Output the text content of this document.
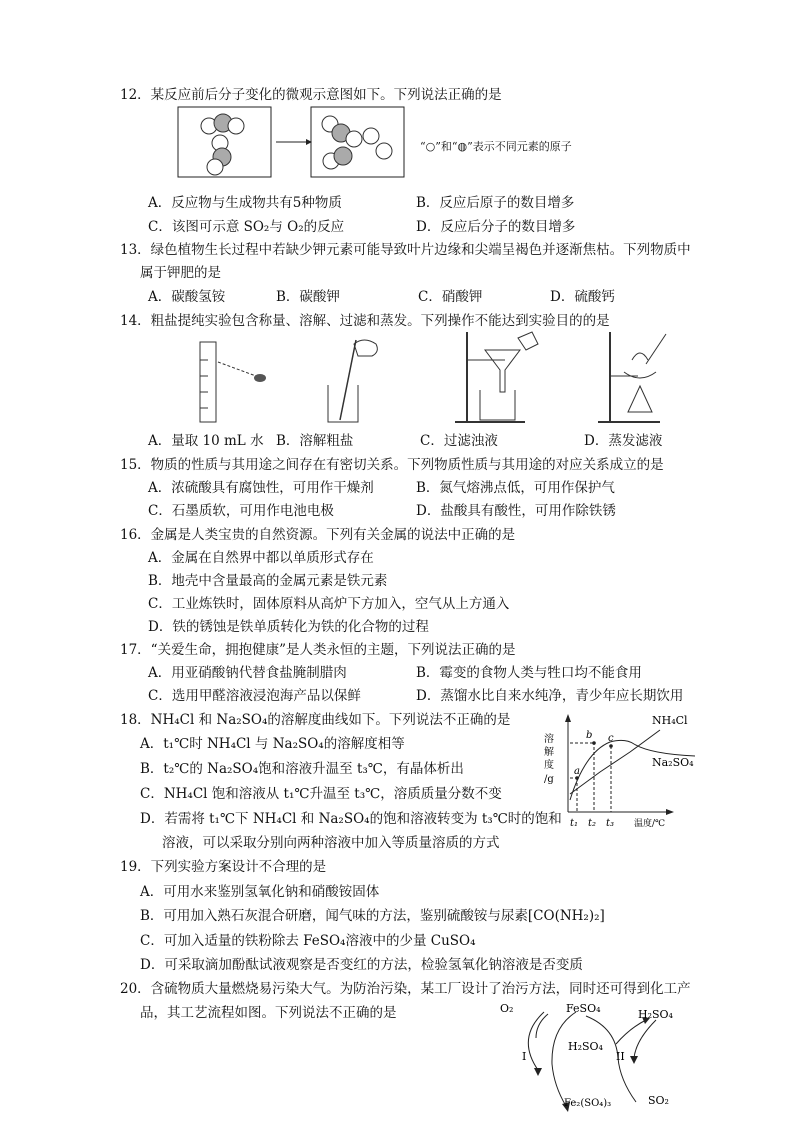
12．某反应前后分子变化的微观示意图如下。下列说法正确的是
“○”和“◍”表示不同元素的原子
A．反应物与生成物共有5种物质	B．反应后原子的数目增多
C．该图可示意 SO₂与 O₂的反应	D．反应后分子的数目增多
13．绿色植物生长过程中若缺少钾元素可能导致叶片边缘和尖端呈褐色并逐渐焦枯。下列物质中
属于钾肥的是
A．碳酸氢铵	B．碳酸钾	C．硝酸钾	D．硫酸钙
14．粗盐提纯实验包含称量、溶解、过滤和蒸发。下列操作不能达到实验目的的是
A．量取 10 mL 水 B．溶解粗盐	C．过滤浊液	D．蒸发滤液
15．物质的性质与其用途之间存在有密切关系。下列物质性质与其用途的对应关系成立的是
A．浓硫酸具有腐蚀性，可用作干燥剂	B．氮气熔沸点低，可用作保护气
C．石墨质软，可用作电池电极	D．盐酸具有酸性，可用作除铁锈
16．金属是人类宝贵的自然资源。下列有关金属的说法中正确的是
A．金属在自然界中都以单质形式存在
B．地壳中含量最高的金属元素是铁元素
C．工业炼铁时，固体原料从高炉下方加入，空气从上方通入
D．铁的锈蚀是铁单质转化为铁的化合物的过程
17．“关爱生命，拥抱健康”是人类永恒的主题，下列说法正确的是
A．用亚硝酸钠代替食盐腌制腊肉	B．霉变的食物人类与牲口均不能食用
C．选用甲醛溶液浸泡海产品以保鲜	D．蒸馏水比自来水纯净，青少年应长期饮用
18．NH₄Cl 和 Na₂SO₄的溶解度曲线如下。下列说法不正确的是
A．t₁℃时 NH₄Cl 与 Na₂SO₄的溶解度相等
B．t₂℃的 Na₂SO₄饱和溶液升温至 t₃℃，有晶体析出
C．NH₄Cl 饱和溶液从 t₁℃升温至 t₃℃，溶质质量分数不变
D．若需将 t₁℃下 NH₄Cl 和 Na₂SO₄的饱和溶液转变为 t₃℃时的饱和
溶液，可以采取分别向两种溶液中加入等质量溶质的方式
溶
解
度
/g
a
b c
t₁ t₂ t₃ 温度/℃
NH₄Cl
Na₂SO₄
19．下列实验方案设计不合理的是
A．可用水来鉴别氢氧化钠和硝酸铵固体
B．可用加入熟石灰混合研磨，闻气味的方法，鉴别硫酸铵与尿素[CO(NH₂)₂]
C．可加入适量的铁粉除去 FeSO₄溶液中的少量 CuSO₄
D．可采取滴加酚酞试液观察是否变红的方法，检验氢氧化钠溶液是否变质
20．含硫物质大量燃烧易污染大气。为防治污染，某工厂设计了治污方法，同时还可得到化工产
品，其工艺流程如图。下列说法不正确的是	O₂	FeSO₄	H₂SO₄
H₂SO₄
I	II
Fe₂(SO₄)₃	SO₂
